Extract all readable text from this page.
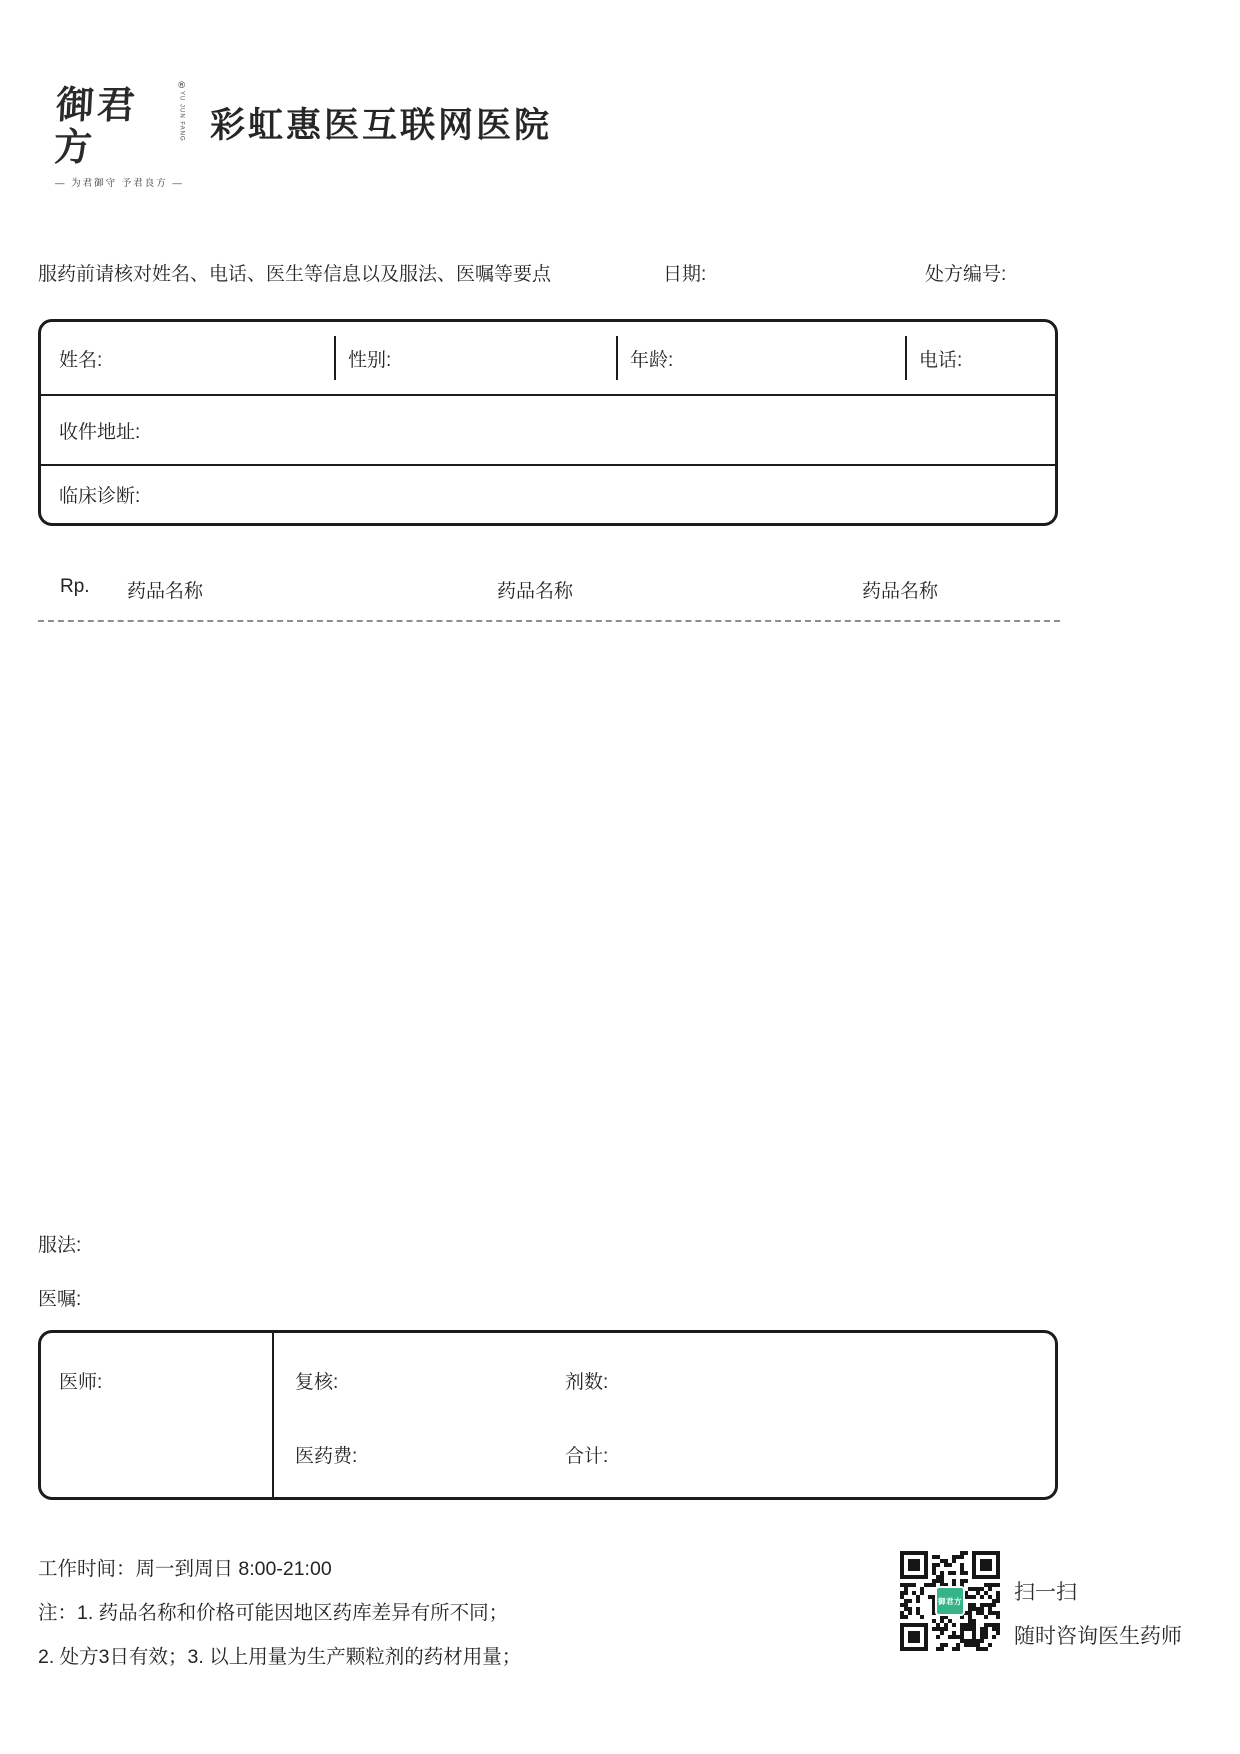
御君方
®
YU JUN FANG
— 为君御守 予君良方 —
彩虹惠医互联网医院
服药前请核对姓名、电话、医生等信息以及服法、医嘱等要点	日期:	处方编号:
姓名:	性别:	年龄:	电话:
收件地址:
临床诊断:
Rp. 药品名称	药品名称	药品名称
服法:
医嘱:
医师:	复核:	剂数:
医药费:	合计:
工作时间：周一到周日 8:00-21:00
注：1. 药品名称和价格可能因地区药库差异有所不同；
2. 处方3日有效；3. 以上用量为生产颗粒剂的药材用量；
御君方 扫一扫
随时咨询医生药师
